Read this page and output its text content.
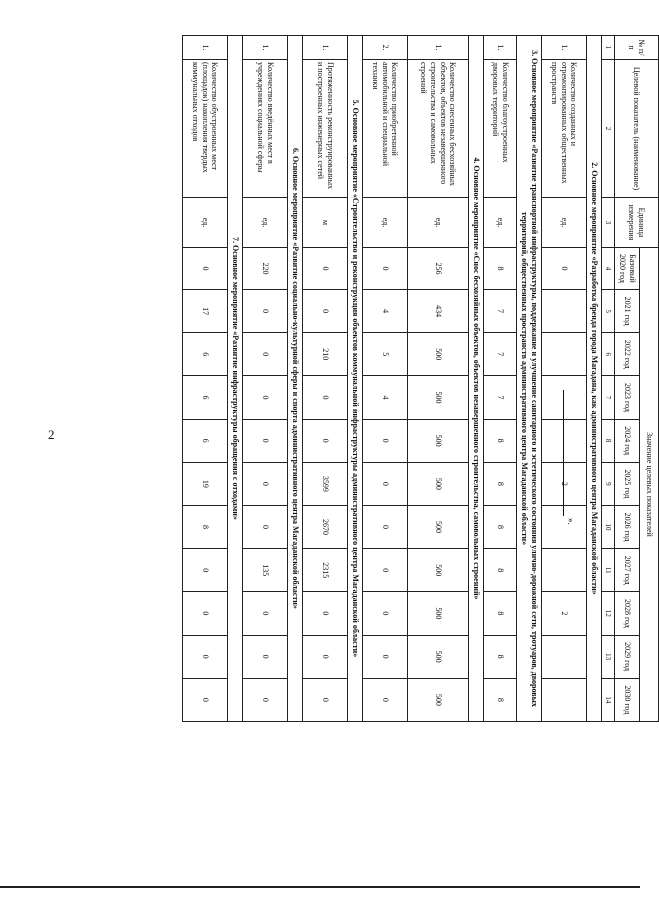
2
».
№ п/п	Целевой показатель (наименование)	Единица измерения	Значение целевых показателей										
			Базовый 2020 год	2021 год	2022 год	2023 год	2024 год	2025 год	2026 год	2027 год	2028 год	2029 год	2030 год
1	2	3	4	5	6	7	8	9	10	11	12	13	14
2. Основное мероприятие «Разработка бренда города Магадана, как административного центра Магаданской области»													
1.	Количество созданных и отремонтированных общественных пространств	ед.	0					2			2		
3. Основное мероприятие «Развитие транспортной инфраструктуры, поддержание и улучшение санитарного и эстетического состояния улично-дорожной сети, тротуаров, дворовых территорий, общественных пространств административного центра Магаданской области»													
1.	Количество благоустроенных дворовых территорий	ед.	8	7	7	7	8	8	8	8	8	8	8
4. Основное мероприятие «Снос бесхозяйных объектов, объектов незавершенного строительства, самовольных строений»													
1.	Количество снесенных бесхозяйных объектов, объектов незавершенного строительства и самовольных строений	ед.	256	434	500	500	500	500	500	500	500	500	500
2.	Количество приобретенной автомобильной и специальной техники	ед.	0	4	5	4	0	0	0	0	0	0	0
5. Основное мероприятие «Строительство и реконструкция объектов коммунальной инфраструктуры административного центра Магаданской области»													
1.	Протяженность реконструированных и построенных инженерных сетей	м	0	0	210	0	0	3599	2670	2315	0	0	0
6. Основное мероприятие «Развитие социально-культурной сферы и спорта административного центра Магаданской области»													
1.	Количество введённых мест в учреждениях социальной сферы	ед.	220	0	0	0	0	0	0	135	0	0	0
7. Основное мероприятие «Развитие инфраструктуры обращения с отходами»													
1.	Количество обустроенных мест (площадок) накопления твердых коммунальных отходов	ед.	0	17	6	6	6	19	8	0	0	0	0
